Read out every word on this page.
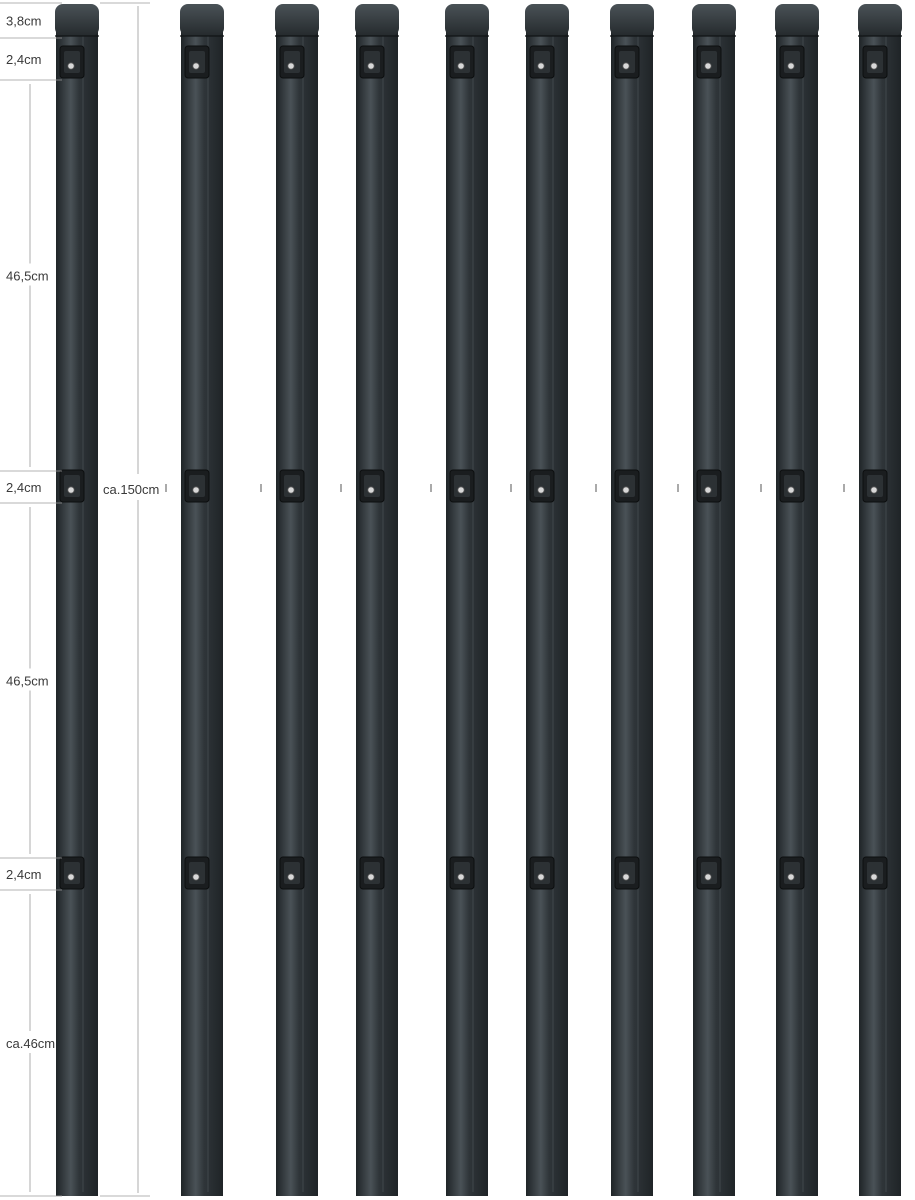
3,8cm
2,4cm
46,5cm
2,4cm
46,5cm
2,4cm
ca.46cm
ca.150cm
